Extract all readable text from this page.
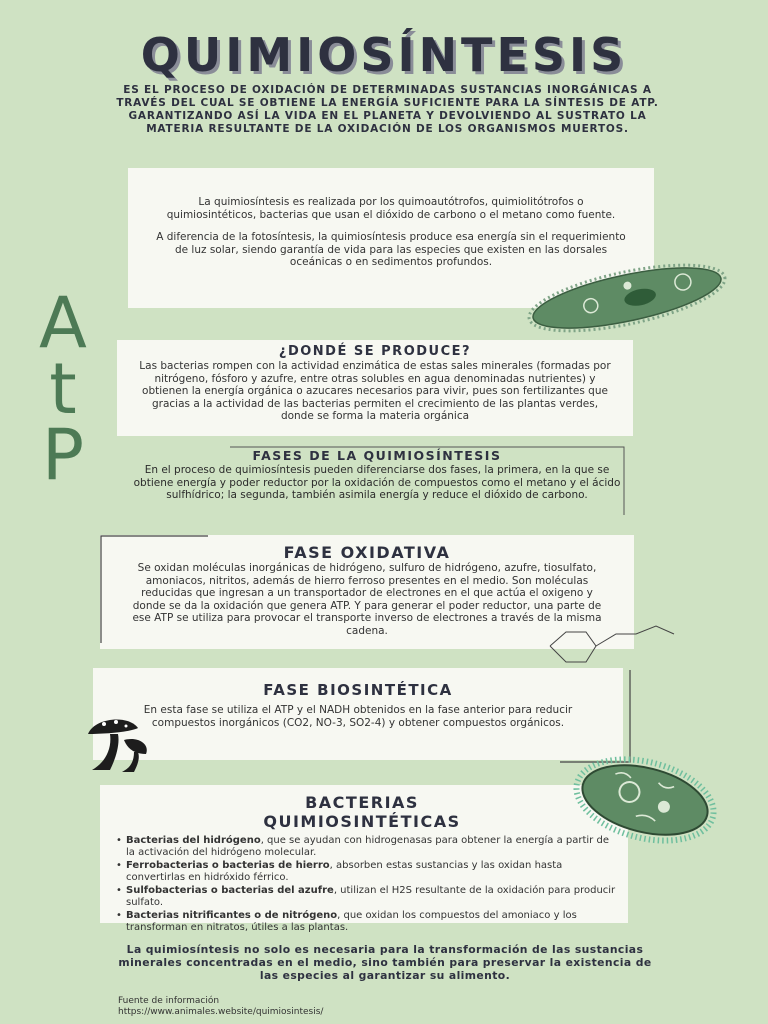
QUIMIOSÍNTESIS

ES EL PROCESO DE OXIDACIÓN DE DETERMINADAS SUSTANCIAS INORGÁNICAS A TRAVÉS DEL CUAL SE OBTIENE LA ENERGÍA SUFICIENTE PARA LA SÍNTESIS DE ATP. GARANTIZANDO ASÍ LA VIDA EN EL PLANETA Y DEVOLVIENDO AL SUSTRATO LA MATERIA RESULTANTE DE LA OXIDACIÓN DE LOS ORGANISMOS MUERTOS.

A
t
P

La quimiosíntesis es realizada por los quimoautótrofos, quimiolitótrofos o quimiosintéticos, bacterias que usan el dióxido de carbono o el metano como fuente.

A diferencia de la fotosíntesis, la quimiosíntesis produce esa energía sin el requerimiento de luz solar, siendo garantía de vida para las especies que existen en las dorsales oceánicas o en sedimentos profundos.

¿DONDÉ SE PRODUCE?

Las bacterias rompen con la actividad enzimática de estas sales minerales (formadas por nitrógeno, fósforo y azufre, entre otras solubles en agua denominadas nutrientes) y obtienen la energía orgánica o azucares necesarios para vivir, pues son fertilizantes que gracias a la actividad de las bacterias permiten el crecimiento de las plantas verdes, donde se forma la materia orgánica

FASES DE LA QUIMIOSÍNTESIS

En el proceso de quimiosíntesis pueden diferenciarse dos fases, la primera, en la que se obtiene energía y poder reductor por la oxidación de compuestos como el metano y el ácido sulfhídrico; la segunda, también asimila energía y reduce el dióxido de carbono.

FASE OXIDATIVA

Se oxidan moléculas inorgánicas de hidrógeno, sulfuro de hidrógeno, azufre, tiosulfato, amoniacos, nitritos, además de hierro ferroso presentes en el medio. Son moléculas reducidas que ingresan a un transportador de electrones en el que actúa el oxigeno y donde se da la oxidación que genera ATP. Y para generar el poder reductor, una parte de ese ATP se utiliza para provocar el transporte inverso de electrones a través de la misma cadena.

FASE BIOSINTÉTICA

En esta fase se utiliza el ATP y el NADH obtenidos en la fase anterior para reducir compuestos inorgánicos (CO2, NO-3, SO2-4) y obtener compuestos orgánicos.

BACTERIAS
QUIMIOSINTÉTICAS
• Bacterias del hidrógeno, que se ayudan con hidrogenasas para obtener la energía a partir de la activación del hidrógeno molecular.
• Ferrobacterias o bacterias de hierro, absorben estas sustancias y las oxidan hasta convertirlas en hidróxido férrico.
• Sulfobacterias o bacterias del azufre, utilizan el H2S resultante de la oxidación para producir sulfato.
• Bacterias nitrificantes o de nitrógeno, que oxidan los compuestos del amoniaco y los transforman en nitratos, útiles a las plantas.

La quimiosíntesis no solo es necesaria para la transformación de las sustancias minerales concentradas en el medio, sino también para preservar la existencia de las especies al garantizar su alimento.

Fuente de información
https://www.animales.website/quimiosintesis/
